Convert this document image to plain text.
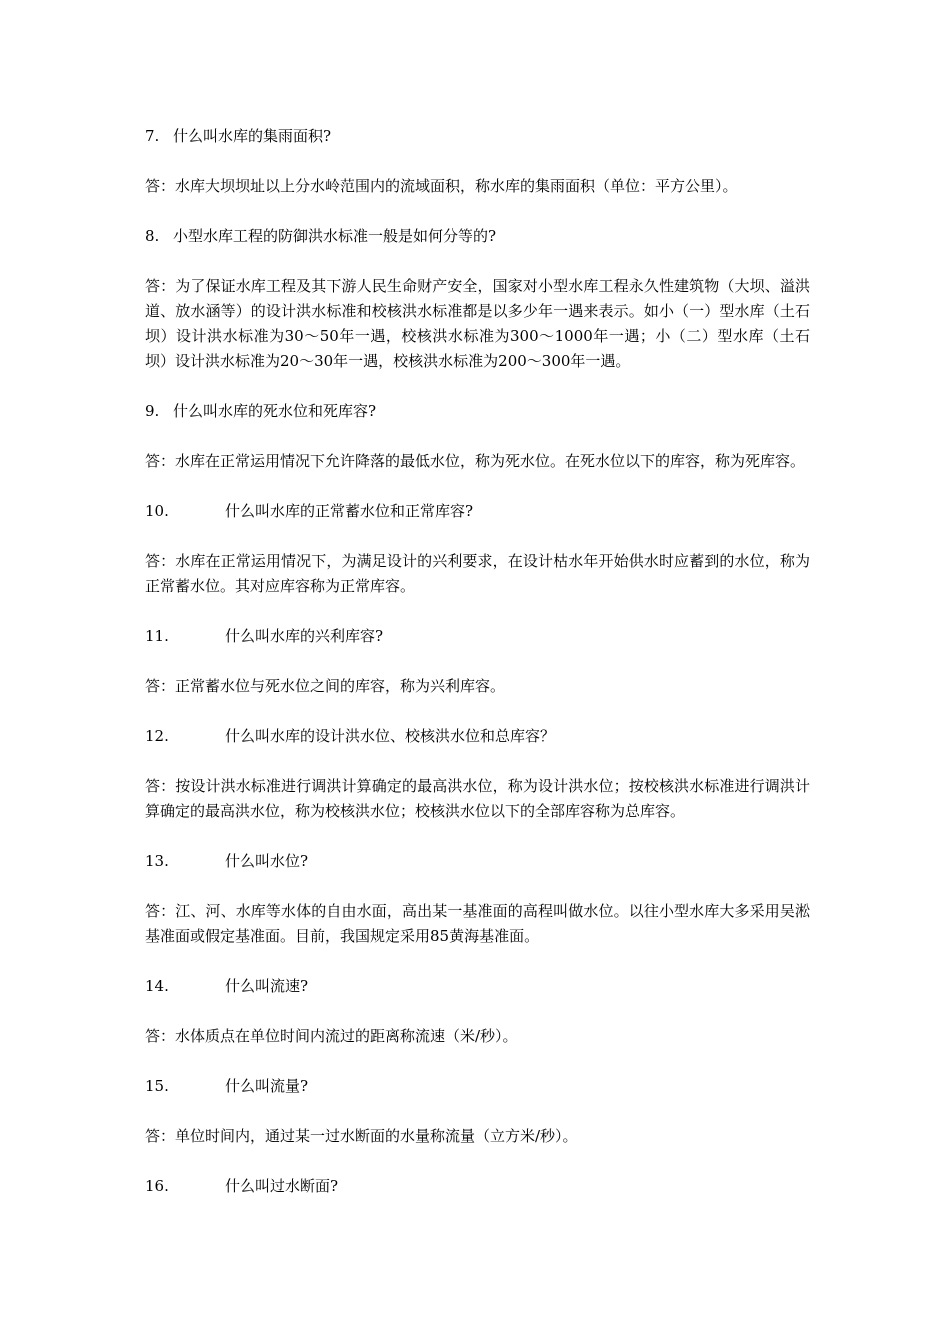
7. 什么叫水库的集雨面积?

答：水库大坝坝址以上分水岭范围内的流域面积，称水库的集雨面积（单位：平方公里）。

8. 小型水库工程的防御洪水标准一般是如何分等的?

答：为了保证水库工程及其下游人民生命财产安全，国家对小型水库工程永久性建筑物（大坝、溢洪道、放水涵等）的设计洪水标准和校核洪水标准都是以多少年一遇来表示。如小（一）型水库（土石坝）设计洪水标准为30～50年一遇，校核洪水标准为300～1000年一遇；小（二）型水库（土石坝）设计洪水标准为20～30年一遇，校核洪水标准为200～300年一遇。

9. 什么叫水库的死水位和死库容?

答：水库在正常运用情况下允许降落的最低水位，称为死水位。在死水位以下的库容，称为死库容。

10.	什么叫水库的正常蓄水位和正常库容?

答：水库在正常运用情况下，为满足设计的兴利要求，在设计枯水年开始供水时应蓄到的水位，称为正常蓄水位。其对应库容称为正常库容。

11.	什么叫水库的兴利库容?

答：正常蓄水位与死水位之间的库容，称为兴利库容。

12.	什么叫水库的设计洪水位、校核洪水位和总库容？

答：按设计洪水标准进行调洪计算确定的最高洪水位，称为设计洪水位；按校核洪水标准进行调洪计算确定的最高洪水位，称为校核洪水位；校核洪水位以下的全部库容称为总库容。

13.	什么叫水位?

答：江、河、水库等水体的自由水面，高出某一基准面的高程叫做水位。以往小型水库大多采用吴淞基准面或假定基准面。目前，我国规定采用85黄海基准面。

14.	什么叫流速?

答：水体质点在单位时间内流过的距离称流速（米/秒）。

15.	什么叫流量?

答：单位时间内，通过某一过水断面的水量称流量（立方米/秒）。

16.	什么叫过水断面?
